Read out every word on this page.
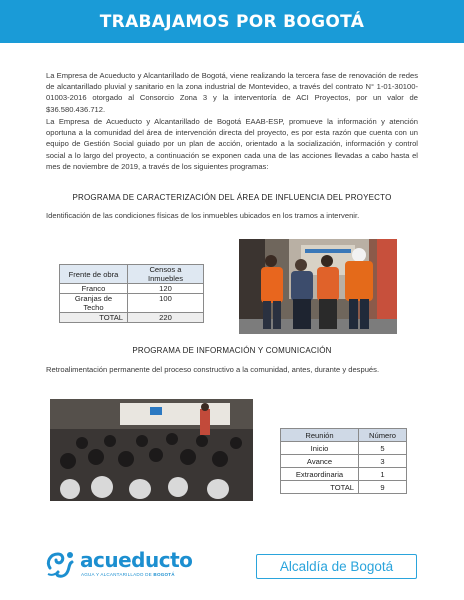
TRABAJAMOS POR BOGOTÁ

La Empresa de Acueducto y Alcantarillado de Bogotá, viene realizando la tercera fase de renovación de redes de alcantarillado pluvial y sanitario en la zona industrial de Montevideo, a través del contrato N° 1-01-30100-01003-2016 otorgado al Consorcio Zona 3 y la interventoría de ACI Proyectos, por un valor de $36.580.436.712.

La Empresa de Acueducto y Alcantarillado de Bogotá EAAB-ESP, promueve la información y atención oportuna a la comunidad del área de intervención directa del proyecto, es por esta razón que cuenta con un equipo de Gestión Social guiado por un plan de acción, orientado a la socialización, información y control social a lo largo del proyecto, a continuación se exponen cada una de las acciones llevadas a cabo hasta el mes de noviembre de 2019, a través de los siguientes programas:

PROGRAMA DE CARACTERIZACIÓN DEL ÁREA DE INFLUENCIA DEL PROYECTO

Identificación de las condiciones físicas de los inmuebles ubicados en los tramos a intervenir.

Frente de obra	Censos a Inmuebles
Franco	120
Granjas de Techo	100
TOTAL	220
PROGRAMA DE INFORMACIÓN Y COMUNICACIÓN

Retroalimentación permanente del proceso constructivo a la comunidad, antes, durante y después.

Reunión	Número
Inicio	5
Avance	3
Extraordinaria	1
TOTAL	9
acueducto
AGUA Y ALCANTARILLADO DE BOGOTÁ
Alcaldía de Bogotá
